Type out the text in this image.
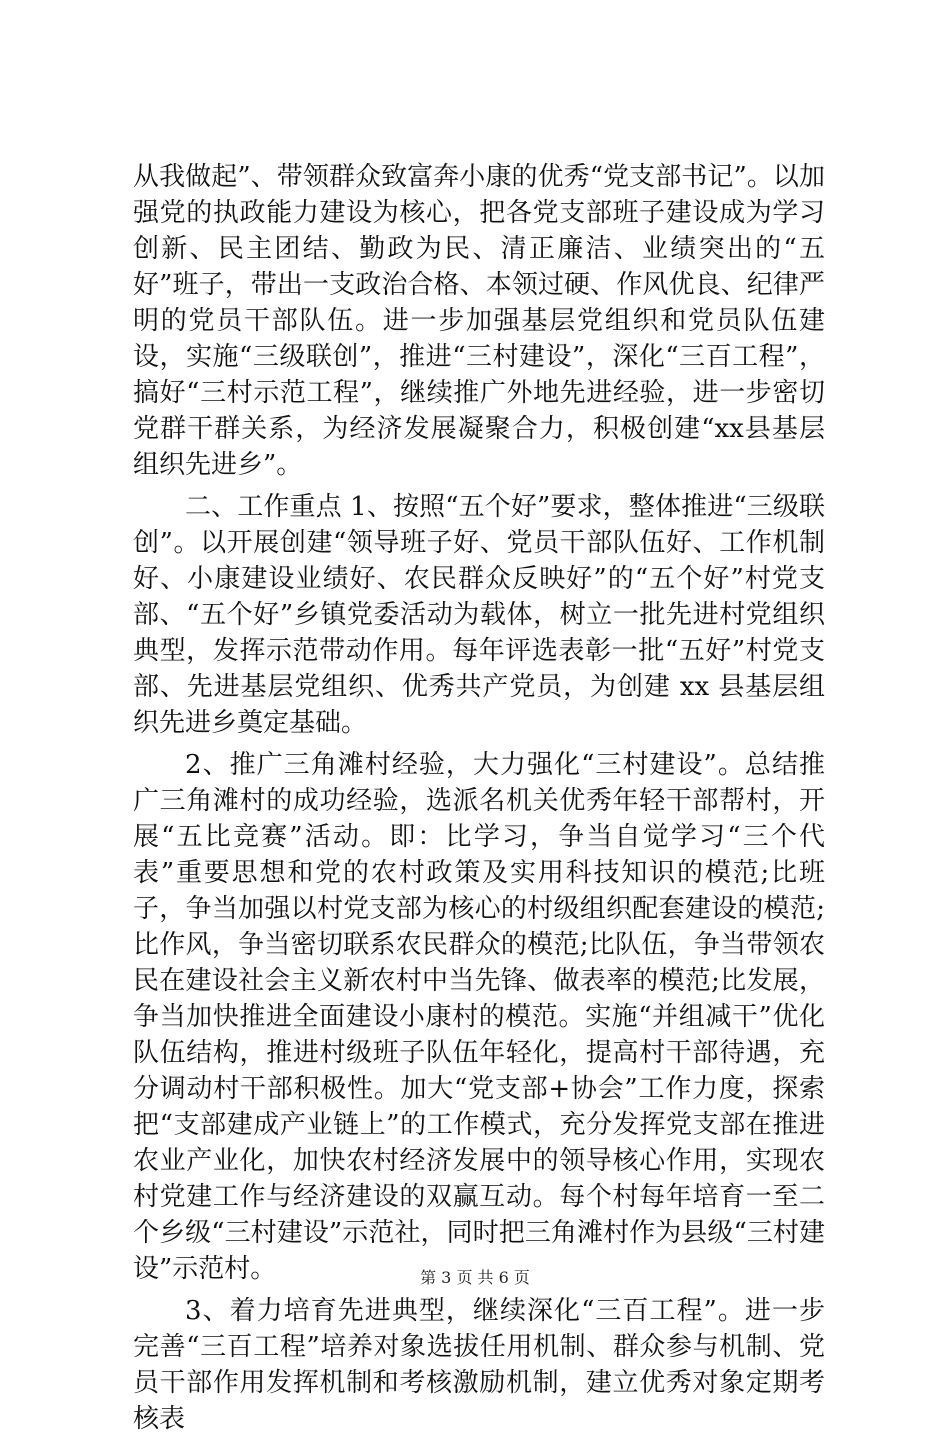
从我做起”、带领群众致富奔小康的优秀“党支部书记”。以加强党的执政能力建设为核心，把各党支部班子建设成为学习创新、民主团结、勤政为民、清正廉洁、业绩突出的“五好”班子，带出一支政治合格、本领过硬、作风优良、纪律严明的党员干部队伍。进一步加强基层党组织和党员队伍建设，实施“三级联创”，推进“三村建设”，深化“三百工程”，搞好“三村示范工程”，继续推广外地先进经验，进一步密切党群干群关系，为经济发展凝聚合力，积极创建“xx县基层组织先进乡”。

二、工作重点 1、按照“五个好”要求，整体推进“三级联创”。以开展创建“领导班子好、党员干部队伍好、工作机制好、小康建设业绩好、农民群众反映好”的“五个好”村党支部、“五个好”乡镇党委活动为载体，树立一批先进村党组织典型，发挥示范带动作用。每年评选表彰一批“五好”村党支部、先进基层党组织、优秀共产党员，为创建 xx 县基层组织先进乡奠定基础。

2、推广三角滩村经验，大力强化“三村建设”。总结推广三角滩村的成功经验，选派名机关优秀年轻干部帮村，开展“五比竞赛”活动。即：比学习，争当自觉学习“三个代表”重要思想和党的农村政策及实用科技知识的模范;比班子，争当加强以村党支部为核心的村级组织配套建设的模范;比作风，争当密切联系农民群众的模范;比队伍，争当带领农民在建设社会主义新农村中当先锋、做表率的模范;比发展，争当加快推进全面建设小康村的模范。实施“并组减干”优化队伍结构，推进村级班子队伍年轻化，提高村干部待遇，充分调动村干部积极性。加大“党支部+协会”工作力度，探索把“支部建成产业链上”的工作模式，充分发挥党支部在推进农业产业化，加快农村经济发展中的领导核心作用，实现农村党建工作与经济建设的双赢互动。每个村每年培育一至二个乡级“三村建设”示范社，同时把三角滩村作为县级“三村建设”示范村。

3、着力培育先进典型，继续深化“三百工程”。进一步完善“三百工程”培养对象选拔任用机制、群众参与机制、党员干部作用发挥机制和考核激励机制，建立优秀对象定期考核表

第 3 页 共 6 页
